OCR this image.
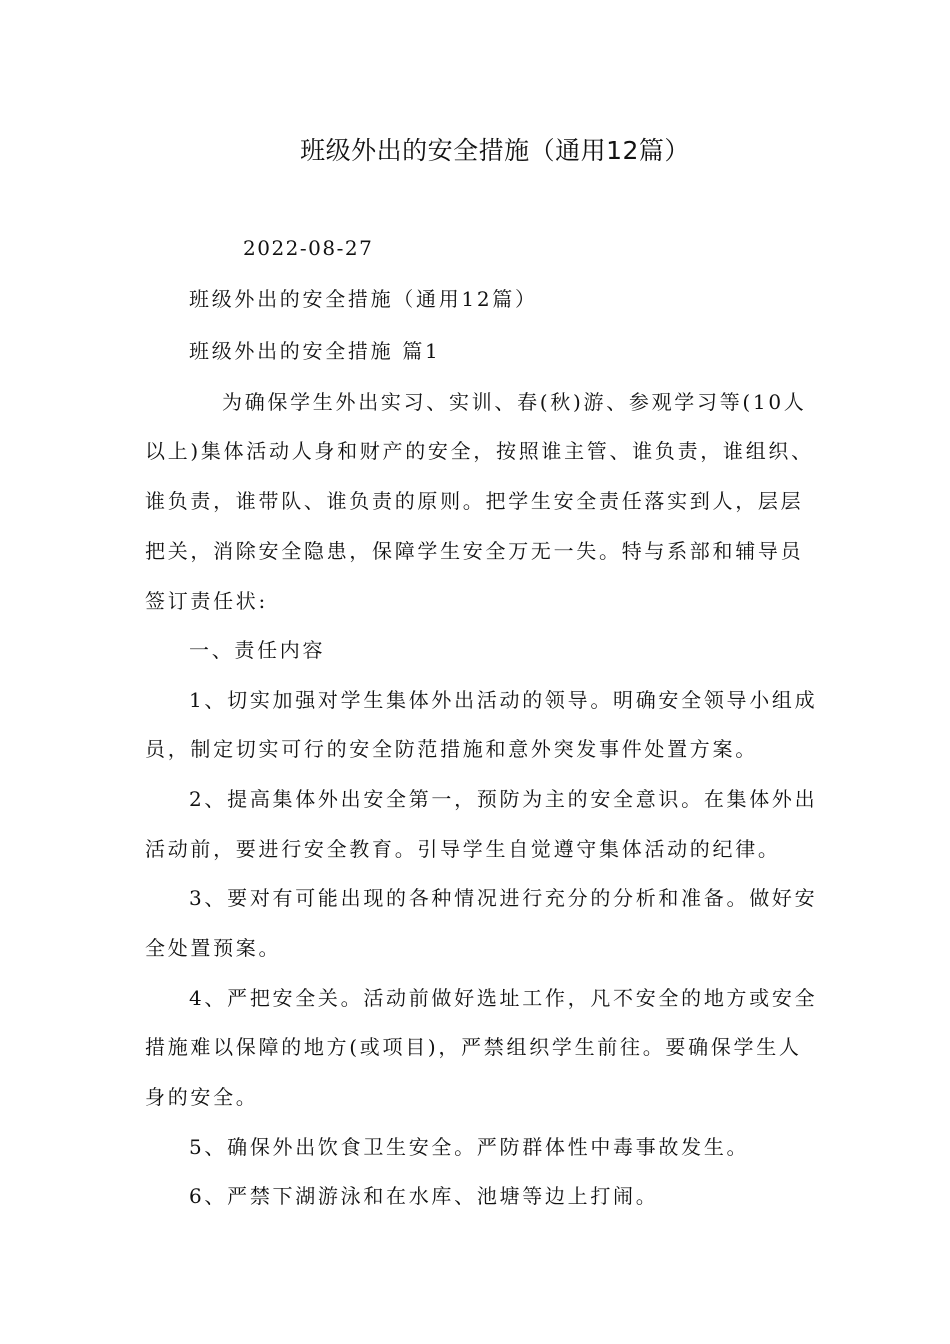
班级外出的安全措施（通用12篇）
2022-08-27
班级外出的安全措施（通用12篇）
班级外出的安全措施 篇1
为确保学生外出实习、实训、春(秋)游、参观学习等(10人
以上)集体活动人身和财产的安全，按照谁主管、谁负责，谁组织、
谁负责，谁带队、谁负责的原则。把学生安全责任落实到人，层层
把关，消除安全隐患，保障学生安全万无一失。特与系部和辅导员
签订责任状:
一、责任内容
1、切实加强对学生集体外出活动的领导。明确安全领导小组成
员，制定切实可行的安全防范措施和意外突发事件处置方案。
2、提高集体外出安全第一，预防为主的安全意识。在集体外出
活动前，要进行安全教育。引导学生自觉遵守集体活动的纪律。
3、要对有可能出现的各种情况进行充分的分析和准备。做好安
全处置预案。
4、严把安全关。活动前做好选址工作，凡不安全的地方或安全
措施难以保障的地方(或项目)，严禁组织学生前往。要确保学生人
身的安全。
5、确保外出饮食卫生安全。严防群体性中毒事故发生。
6、严禁下湖游泳和在水库、池塘等边上打闹。
